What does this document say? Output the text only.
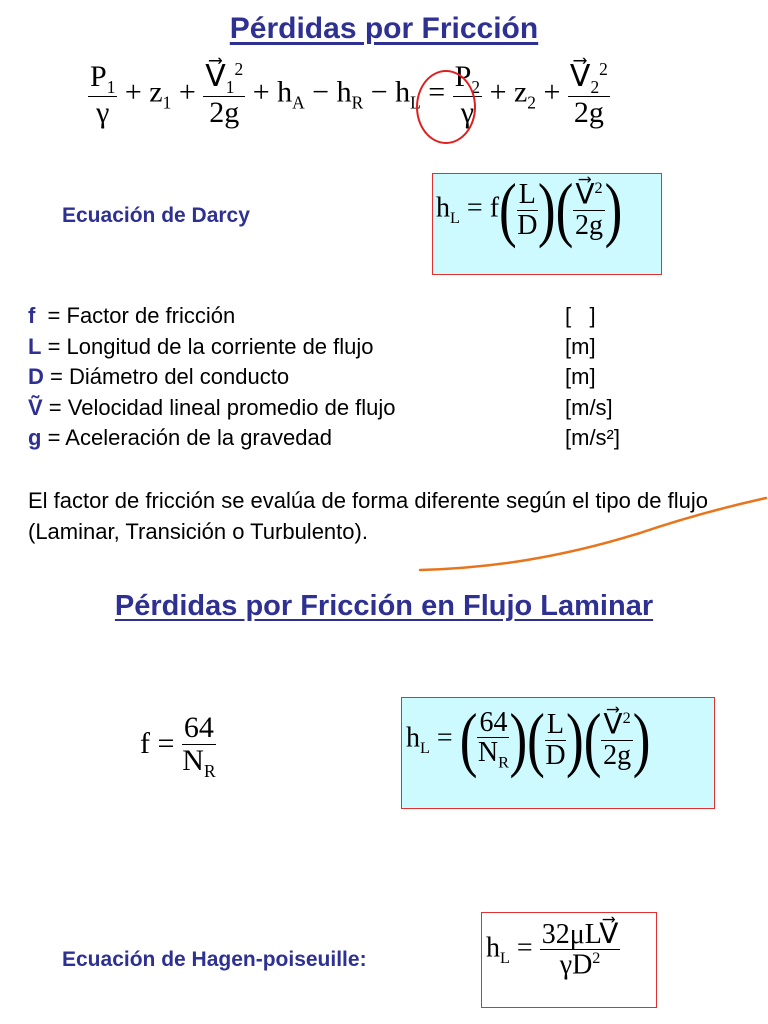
Pérdidas por Fricción
$\frac{P_1}{\gamma} + z_1 + \frac{V⃗_1^2}{2g} + h_A - h_R - h_L = \frac{P_2}{\gamma} + z_2 + \frac{V⃗_2^2}{2g}$
Ecuación de Darcy	$h_L = f( \frac{L}{D}$ )( $\frac{V⃗^2}{2g}$ )
f  = Factor de fricción	[   ]
L = Longitud de la corriente de flujo	[m]
D = Diámetro del conducto	[m]
Ṽ = Velocidad lineal promedio de flujo	[m/s]
g = Aceleración de la gravedad	[m/s²]
El factor de fricción se evalúa de forma diferente según el tipo de flujo (Laminar, Transición o Turbulento).
Pérdidas por Fricción en Flujo Laminar
$f = \frac{64}{N_R}$	$h_L$ = ( $\frac{64}{N_R}$ )( $\frac{L}{D}$ )( $\frac{V⃗^2}{2g}$ )
Ecuación de Hagen-poiseuille:	$h_L = \frac{\text{32μLV⃗}}{\gamma D^2}$
